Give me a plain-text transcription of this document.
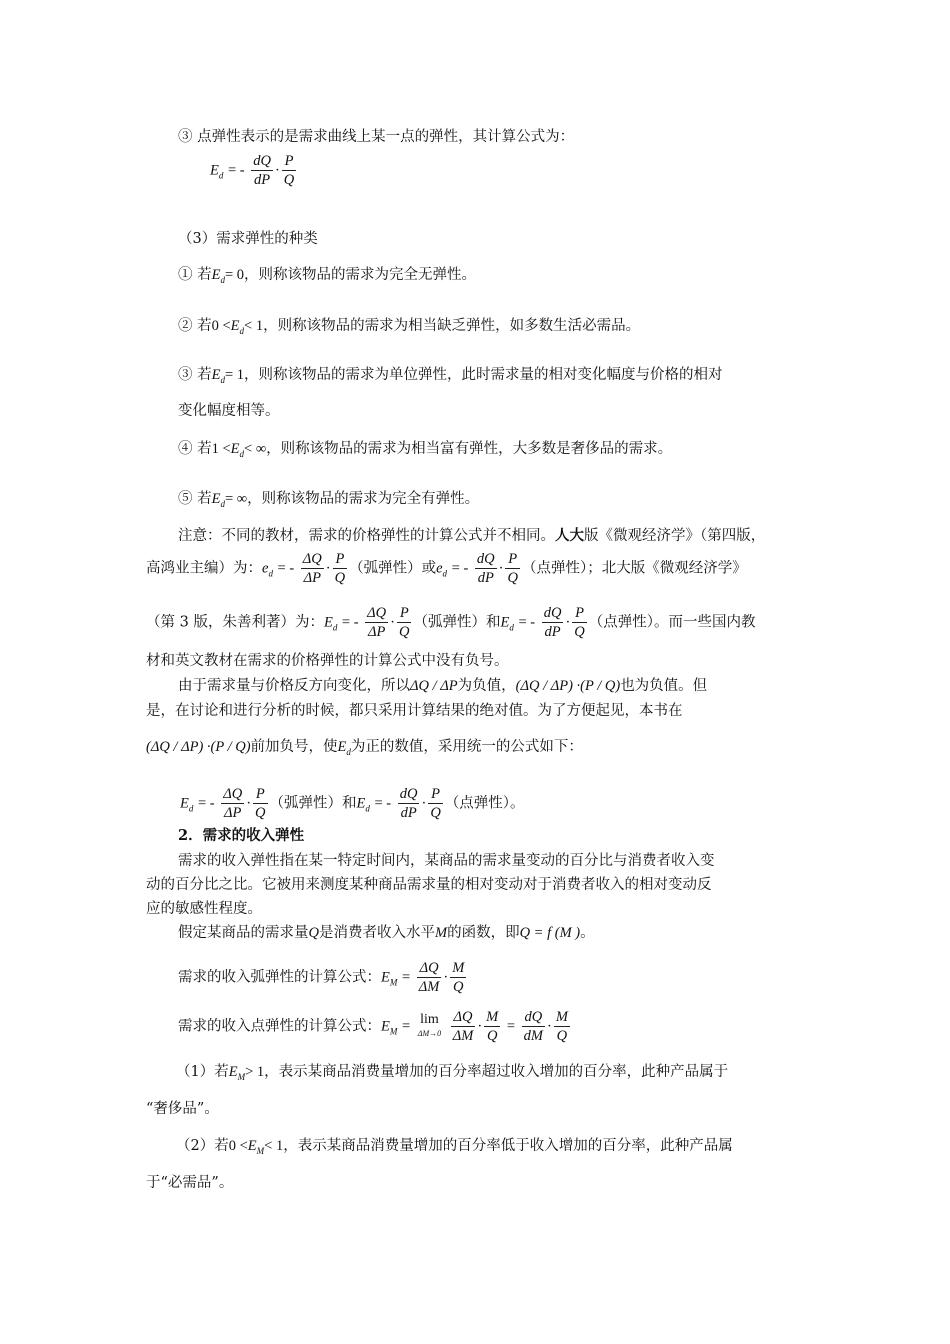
③ 点弹性表示的是需求曲线上某一点的弹性，其计算公式为：
$E_d$ = - $\frac{dQ}{dP} \cdot \frac{P}{Q}$
（3）需求弹性的种类
① 若$E_d= 0$，则称该物品的需求为完全无弹性。
② 若$0 <E_d< 1$，则称该物品的需求为相当缺乏弹性，如多数生活必需品。
③ 若$E_d= 1$，则称该物品的需求为单位弹性，此时需求量的相对变化幅度与价格的相对
变化幅度相等。
④ 若$1 <E_d<$ ∞，则称该物品的需求为相当富有弹性，大多数是奢侈品的需求。
⑤ 若$E_d=$ ∞，则称该物品的需求为完全有弹性。
注意：不同的教材，需求的价格弹性的计算公式并不相同。人大版《微观经济学》（第四版，
高鸿业主编）为：$e_d$ = - $\frac{\Delta Q}{\Delta P} \cdot \frac{P}{Q}$ （弧弹性）或$e_d$ = - $\frac{dQ}{dP} \cdot \frac{P}{Q}$ （点弹性）；北大版《微观经济学》
（第 3 版，朱善利著）为：$E_d$ = - $\frac{\Delta Q}{\Delta P} \cdot \frac{P}{Q}$ （弧弹性）和$E_d$ = - $\frac{dQ}{dP} \cdot \frac{P}{Q}$ （点弹性）。而一些国内教
材和英文教材在需求的价格弹性的计算公式中没有负号。
由于需求量与价格反方向变化，所以ΔQ / ΔP为负值，(ΔQ / ΔP) ·(P / Q)也为负值。但
是，在讨论和进行分析的时候，都只采用计算结果的绝对值。为了方便起见，本书在
(ΔQ / ΔP) ·(P / Q)前加负号，使$E_d$为正的数值，采用统一的公式如下：
$E_d$ = - $\frac{\Delta Q}{\Delta P} \cdot \frac{P}{Q}$ （弧弹性）和$E_d$ = - $\frac{dQ}{dP} \cdot \frac{P}{Q}$ （点弹性）。
2．需求的收入弹性
需求的收入弹性指在某一特定时间内，某商品的需求量变动的百分比与消费者收入变
动的百分比之比。它被用来测度某种商品需求量的相对变动对于消费者收入的相对变动反
应的敏感性程度。
假定某商品的需求量Q是消费者收入水平M的函数，即Q = f (M )。
需求的收入弧弹性的计算公式：$E_M = \frac{\Delta Q}{\Delta M} \cdot \frac{M}{Q}$
需求的收入点弹性的计算公式：$E_M = \lim$
ΔM→0
$\frac{\Delta Q}{\Delta M} \cdot \frac{M}{Q} = \frac{dQ}{dM} \cdot \frac{M}{Q}$
（1）若$E_M> 1$，表示某商品消费量增加的百分率超过收入增加的百分率，此种产品属于
“奢侈品”。
（2）若$0 <E_M< 1$，表示某商品消费量增加的百分率低于收入增加的百分率，此种产品属
于“必需品”。
